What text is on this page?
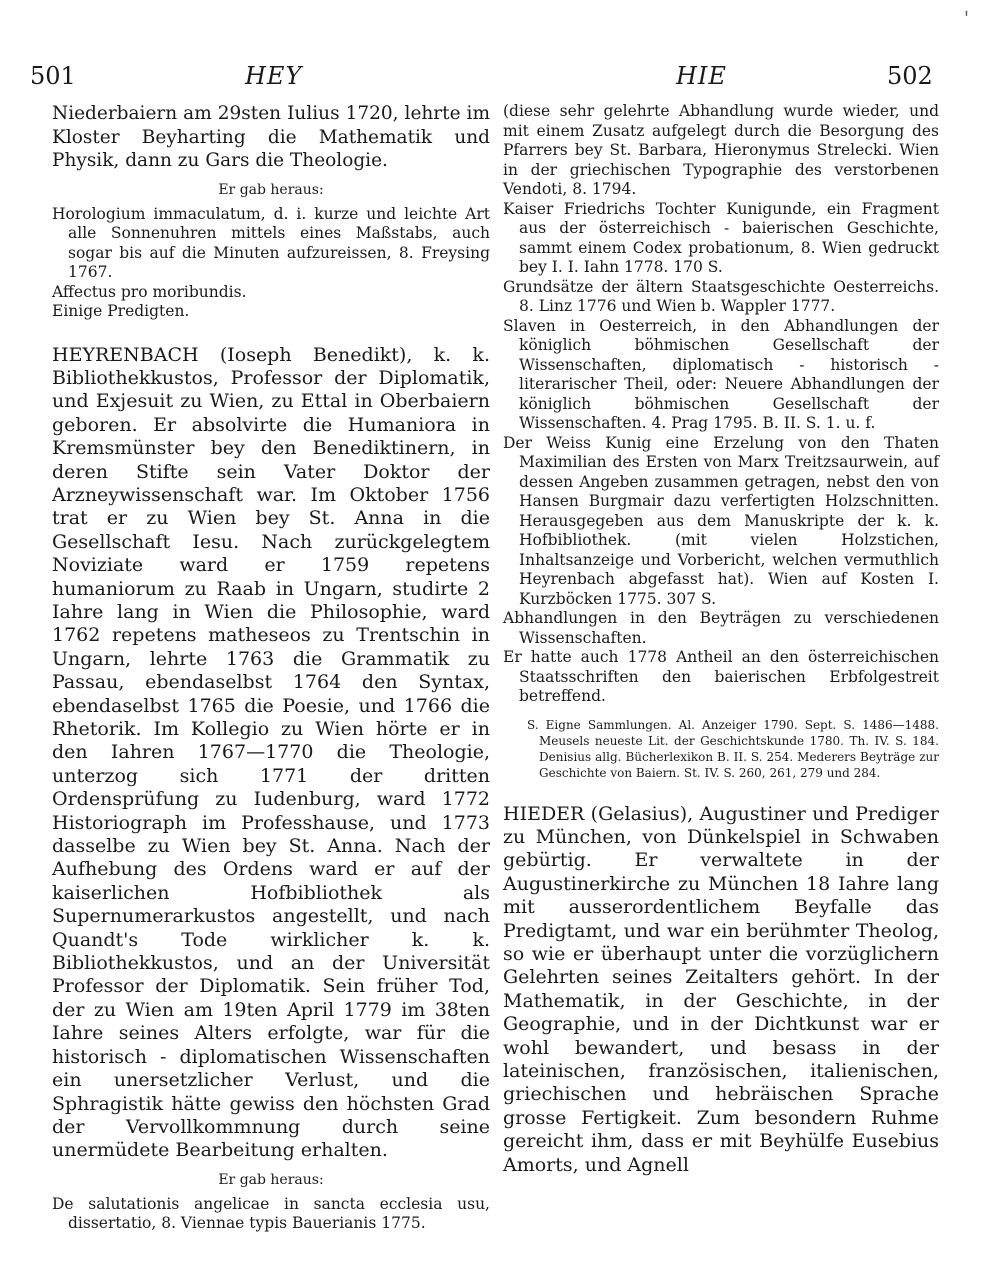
'
501	HEY	HIE	502

Niederbaiern am 29sten Iulius 1720, lehrte im Kloster Beyharting die Mathematik und Physik, dann zu Gars die Theologie.

Er gab heraus:

Horologium immaculatum, d. i. kurze und leichte Art alle Sonnenuhren mittels eines Maßstabs, auch sogar bis auf die Minuten aufzureissen, 8. Freysing 1767.

Affectus pro moribundis.

Einige Predigten.

HEYRENBACH (Ioseph Benedikt), k. k. Bibliothekkustos, Professor der Diplomatik, und Exjesuit zu Wien, zu Ettal in Oberbaiern geboren. Er absolvirte die Humaniora in Kremsmünster bey den Benediktinern, in deren Stifte sein Vater Doktor der Arzneywissenschaft war. Im Oktober 1756 trat er zu Wien bey St. Anna in die Gesellschaft Iesu. Nach zurückgelegtem Noviziate ward er 1759 repetens humaniorum zu Raab in Ungarn, studirte 2 Iahre lang in Wien die Philosophie, ward 1762 repetens matheseos zu Trentschin in Ungarn, lehrte 1763 die Grammatik zu Passau, ebendaselbst 1764 den Syntax, ebendaselbst 1765 die Poesie, und 1766 die Rhetorik. Im Kollegio zu Wien hörte er in den Iahren 1767—1770 die Theologie, unterzog sich 1771 der dritten Ordensprüfung zu Iudenburg, ward 1772 Historiograph im Professhause, und 1773 dasselbe zu Wien bey St. Anna. Nach der Aufhebung des Ordens ward er auf der kaiserlichen Hofbibliothek als Supernumerarkustos angestellt, und nach Quandt's Tode wirklicher k. k. Bibliothekkustos, und an der Universität Professor der Diplomatik. Sein früher Tod, der zu Wien am 19ten April 1779 im 38ten Iahre seines Alters erfolgte, war für die historisch - diplomatischen Wissenschaften ein unersetzlicher Verlust, und die Sphragistik hätte gewiss den höchsten Grad der Vervollkommnung durch seine unermüdete Bearbeitung erhalten.

Er gab heraus:

De salutationis angelicae in sancta ecclesia usu, dissertatio, 8. Viennae typis Bauerianis 1775.

(diese sehr gelehrte Abhandlung wurde wieder, und mit einem Zusatz aufgelegt durch die Besorgung des Pfarrers bey St. Barbara, Hieronymus Strelecki. Wien in der griechischen Typographie des verstorbenen Vendoti, 8. 1794.

Kaiser Friedrichs Tochter Kunigunde, ein Fragment aus der österreichisch - baierischen Geschichte, sammt einem Codex probationum, 8. Wien gedruckt bey I. I. Iahn 1778. 170 S.

Grundsätze der ältern Staatsgeschichte Oesterreichs. 8. Linz 1776 und Wien b. Wappler 1777.

Slaven in Oesterreich, in den Abhandlungen der königlich böhmischen Gesellschaft der Wissenschaften, diplomatisch - historisch - literarischer Theil, oder: Neuere Abhandlungen der königlich böhmischen Gesellschaft der Wissenschaften. 4. Prag 1795. B. II. S. 1. u. f.

Der Weiss Kunig eine Erzelung von den Thaten Maximilian des Ersten von Marx Treitzsaurwein, auf dessen Angeben zusammen getragen, nebst den von Hansen Burgmair dazu verfertigten Holzschnitten. Herausgegeben aus dem Manuskripte der k. k. Hofbibliothek. (mit vielen Holzstichen, Inhaltsanzeige und Vorbericht, welchen vermuthlich Heyrenbach abgefasst hat). Wien auf Kosten I. Kurzböcken 1775. 307 S.

Abhandlungen in den Beyträgen zu verschiedenen Wissenschaften.

Er hatte auch 1778 Antheil an den österreichischen Staatsschriften den baierischen Erbfolgestreit betreffend.

S. Eigne Sammlungen. Al. Anzeiger 1790. Sept. S. 1486—1488. Meusels neueste Lit. der Geschichtskunde 1780. Th. IV. S. 184. Denisius allg. Bücherlexikon B. II. S. 254. Mederers Beyträge zur Geschichte von Baiern. St. IV. S. 260, 261, 279 und 284.

HIEDER (Gelasius), Augustiner und Prediger zu München, von Dünkelspiel in Schwaben gebürtig. Er verwaltete in der Augustinerkirche zu München 18 Iahre lang mit ausserordentlichem Beyfalle das Predigtamt, und war ein berühmter Theolog, so wie er überhaupt unter die vorzüglichern Gelehrten seines Zeitalters gehört. In der Mathematik, in der Geschichte, in der Geographie, und in der Dichtkunst war er wohl bewandert, und besass in der lateinischen, französischen, italienischen, griechischen und hebräischen Sprache grosse Fertigkeit. Zum besondern Ruhme gereicht ihm, dass er mit Beyhülfe Eusebius Amorts, und Agnell
